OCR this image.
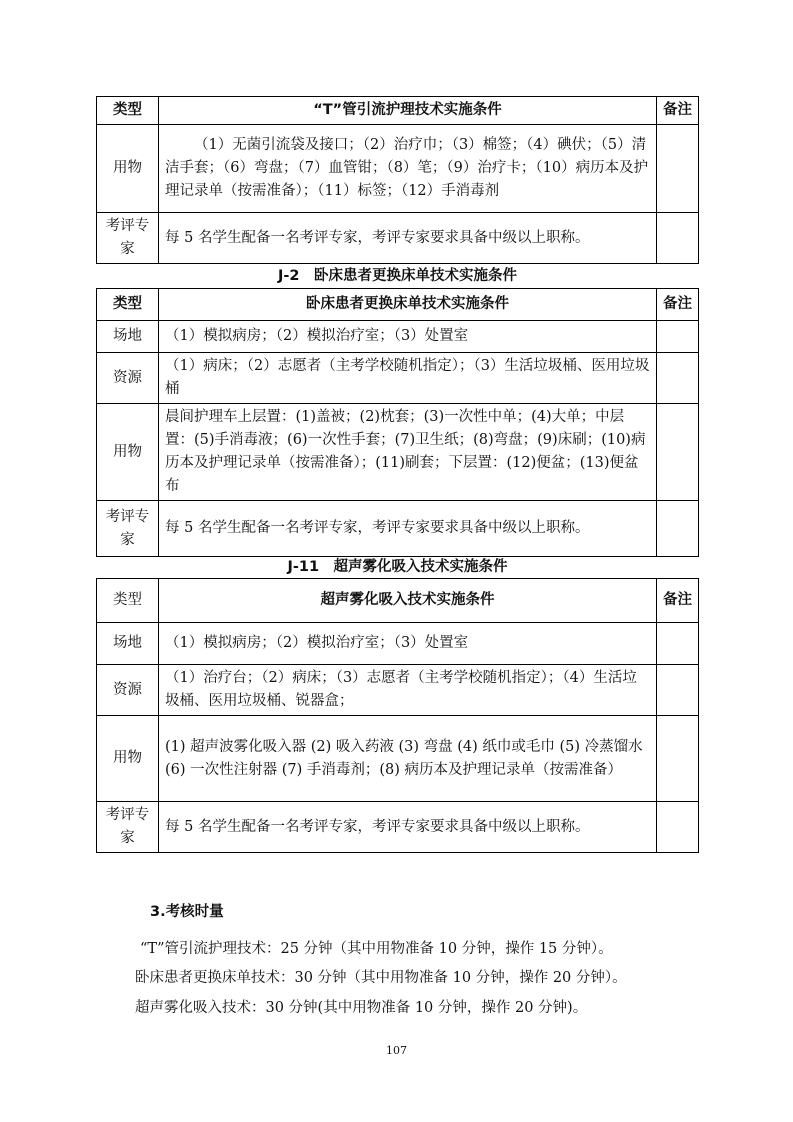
类型	“T”管引流护理技术实施条件	备注
用物	（1）无菌引流袋及接口；（2）治疗巾；（3）棉签；（4）碘伏；（5）清洁手套；（6）弯盘；（7）血管钳；（8）笔；（9）治疗卡；（10）病历本及护理记录单（按需准备）；（11）标签；（12）手消毒剂	
考评专家	每 5 名学生配备一名考评专家，考评专家要求具备中级以上职称。	
J-2　卧床患者更换床单技术实施条件
类型	卧床患者更换床单技术实施条件	备注
场地	（1）模拟病房；（2）模拟治疗室；（3）处置室	
资源	（1）病床；（2）志愿者（主考学校随机指定）；（3）生活垃圾桶、医用垃圾桶	
用物	晨间护理车上层置：(1)盖被；(2)枕套；(3)一次性中单；(4)大单；中层置：(5)手消毒液；(6)一次性手套；(7)卫生纸；(8)弯盘；(9)床刷；(10)病历本及护理记录单（按需准备）；(11)刷套；下层置：(12)便盆；(13)便盆布	
考评专家	每 5 名学生配备一名考评专家，考评专家要求具备中级以上职称。	
J-11　超声雾化吸入技术实施条件
类型	超声雾化吸入技术实施条件	备注
场地	（1）模拟病房；（2）模拟治疗室；（3）处置室	
资源	（1）治疗台；（2）病床；（3）志愿者（主考学校随机指定）；（4）生活垃圾桶、医用垃圾桶、锐器盒；	
用物	(1) 超声波雾化吸入器 (2) 吸入药液 (3) 弯盘 (4) 纸巾或毛巾 (5) 冷蒸馏水 (6) 一次性注射器 (7) 手消毒剂；(8) 病历本及护理记录单（按需准备）	
考评专家	每 5 名学生配备一名考评专家，考评专家要求具备中级以上职称。	
3.考核时量
“T”管引流护理技术：25 分钟（其中用物准备 10 分钟，操作 15 分钟）。
卧床患者更换床单技术：30 分钟（其中用物准备 10 分钟，操作 20 分钟）。
超声雾化吸入技术：30 分钟(其中用物准备 10 分钟，操作 20 分钟)。
107
